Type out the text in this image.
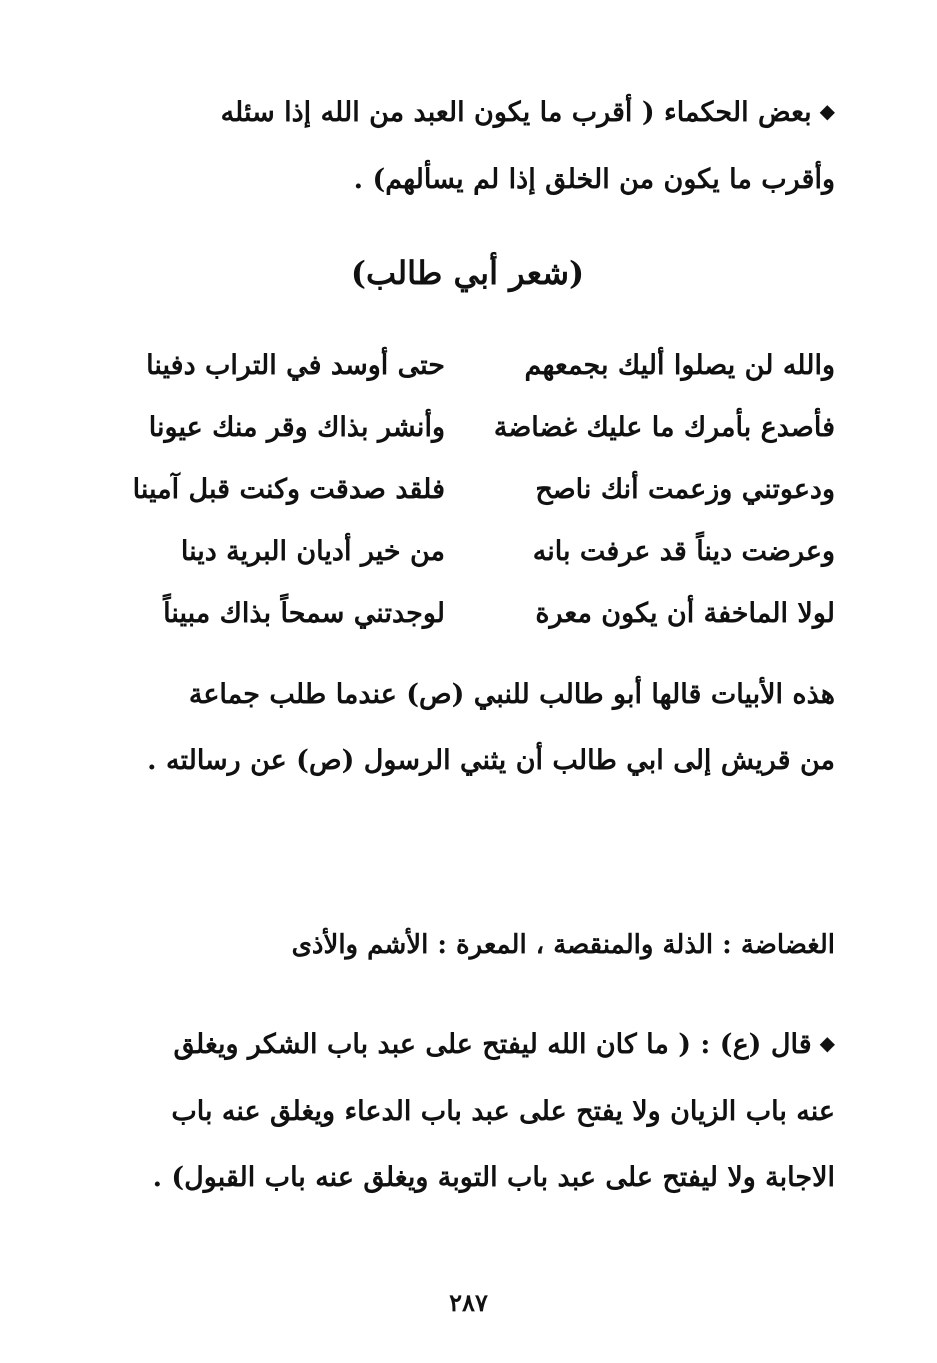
◆بعض الحكماء ( أقرب ما يكون العبد من الله إذا سئله
وأقرب ما يكون من الخلق إذا لم يسألهم) .
(شعر أبي طالب)
والله لن يصلوا أليك بجمعهم
حتى أوسد في التراب دفينا
فأصدع بأمرك ما عليك غضاضة
وأنشر بذاك وقر منك عيونا
ودعوتني وزعمت أنك ناصح
فلقد صدقت وكنت قبل آمينا
وعرضت ديناً قد عرفت بانه
من خير أديان البرية دينا
لولا الماخفة أن يكون معرة
لوجدتني سمحاً بذاك مبيناً
هذه الأبيات قالها أبو طالب للنبي (ص) عندما طلب جماعة
من قريش إلى ابي طالب أن يثني الرسول (ص) عن رسالته .
الغضاضة : الذلة والمنقصة ، المعرة : الأشم والأذى
◆قال (ع) : ( ما كان الله ليفتح على عبد باب الشكر ويغلق
عنه باب الزيان ولا يفتح على عبد باب الدعاء ويغلق عنه باب
الاجابة ولا ليفتح على عبد باب التوبة ويغلق عنه باب القبول) .
٢٨٧
